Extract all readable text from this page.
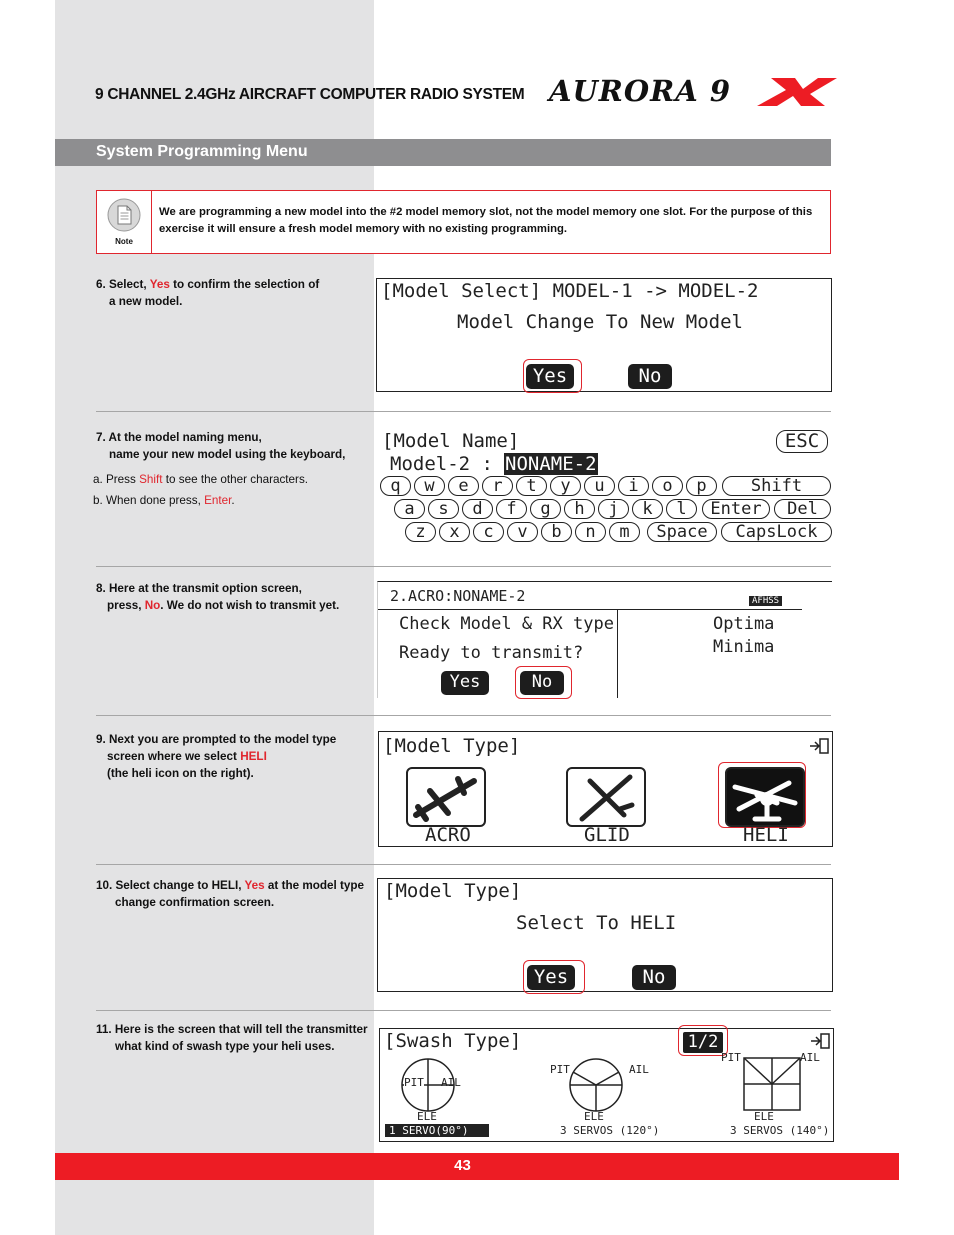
9 CHANNEL 2.4GHz AIRCRAFT COMPUTER RADIO SYSTEM AURORA 9
System Programming Menu
Note
We are programming a new model into the #2 model memory slot, not the model memory one slot. For the purpose of this exercise it will ensure a fresh model memory with no existing programming.
6. Select, Yes to confirm the selection of
a new model.	[Model Select] MODEL-1 -> MODEL-2
Model Change To New Model
Yes	No
7. At the model naming menu,
name your new model using the keyboard,
a. Press Shift to see the other characters.
b. When done press, Enter.
[Model Name]	ESC
Model-2 : NONAME-2
q	w	e	r	t	y	u	i	o	p
a	s	d	f	g	h	j	k	l
z	x	c	v	b	n	m
Shift
Enter	Del
Space	CapsLock
8. Here at the transmit option screen,
press, No. We do not wish to transmit yet.
2.ACRO:NONAME-2	AFHSS
Check Model & RX type
Ready to transmit?
Optima
Minima
Yes	No
9. Next you are prompted to the model type
screen where we select HELI
(the heli icon on the right).
[Model Type]
ACRO	GLID	HELI
10. Select change to HELI, Yes at the model type
change confirmation screen.
[Model Type]
Select To HELI
Yes	No
11. Here is the screen that will tell the transmitter
what kind of swash type your heli uses.	[Swash Type]	1/2
PIT AIL
ELE
1 SERVO(90°)
PIT	AIL
ELE
3 SERVOS (120°)
PIT	AIL
ELE
3 SERVOS (140°)
43
